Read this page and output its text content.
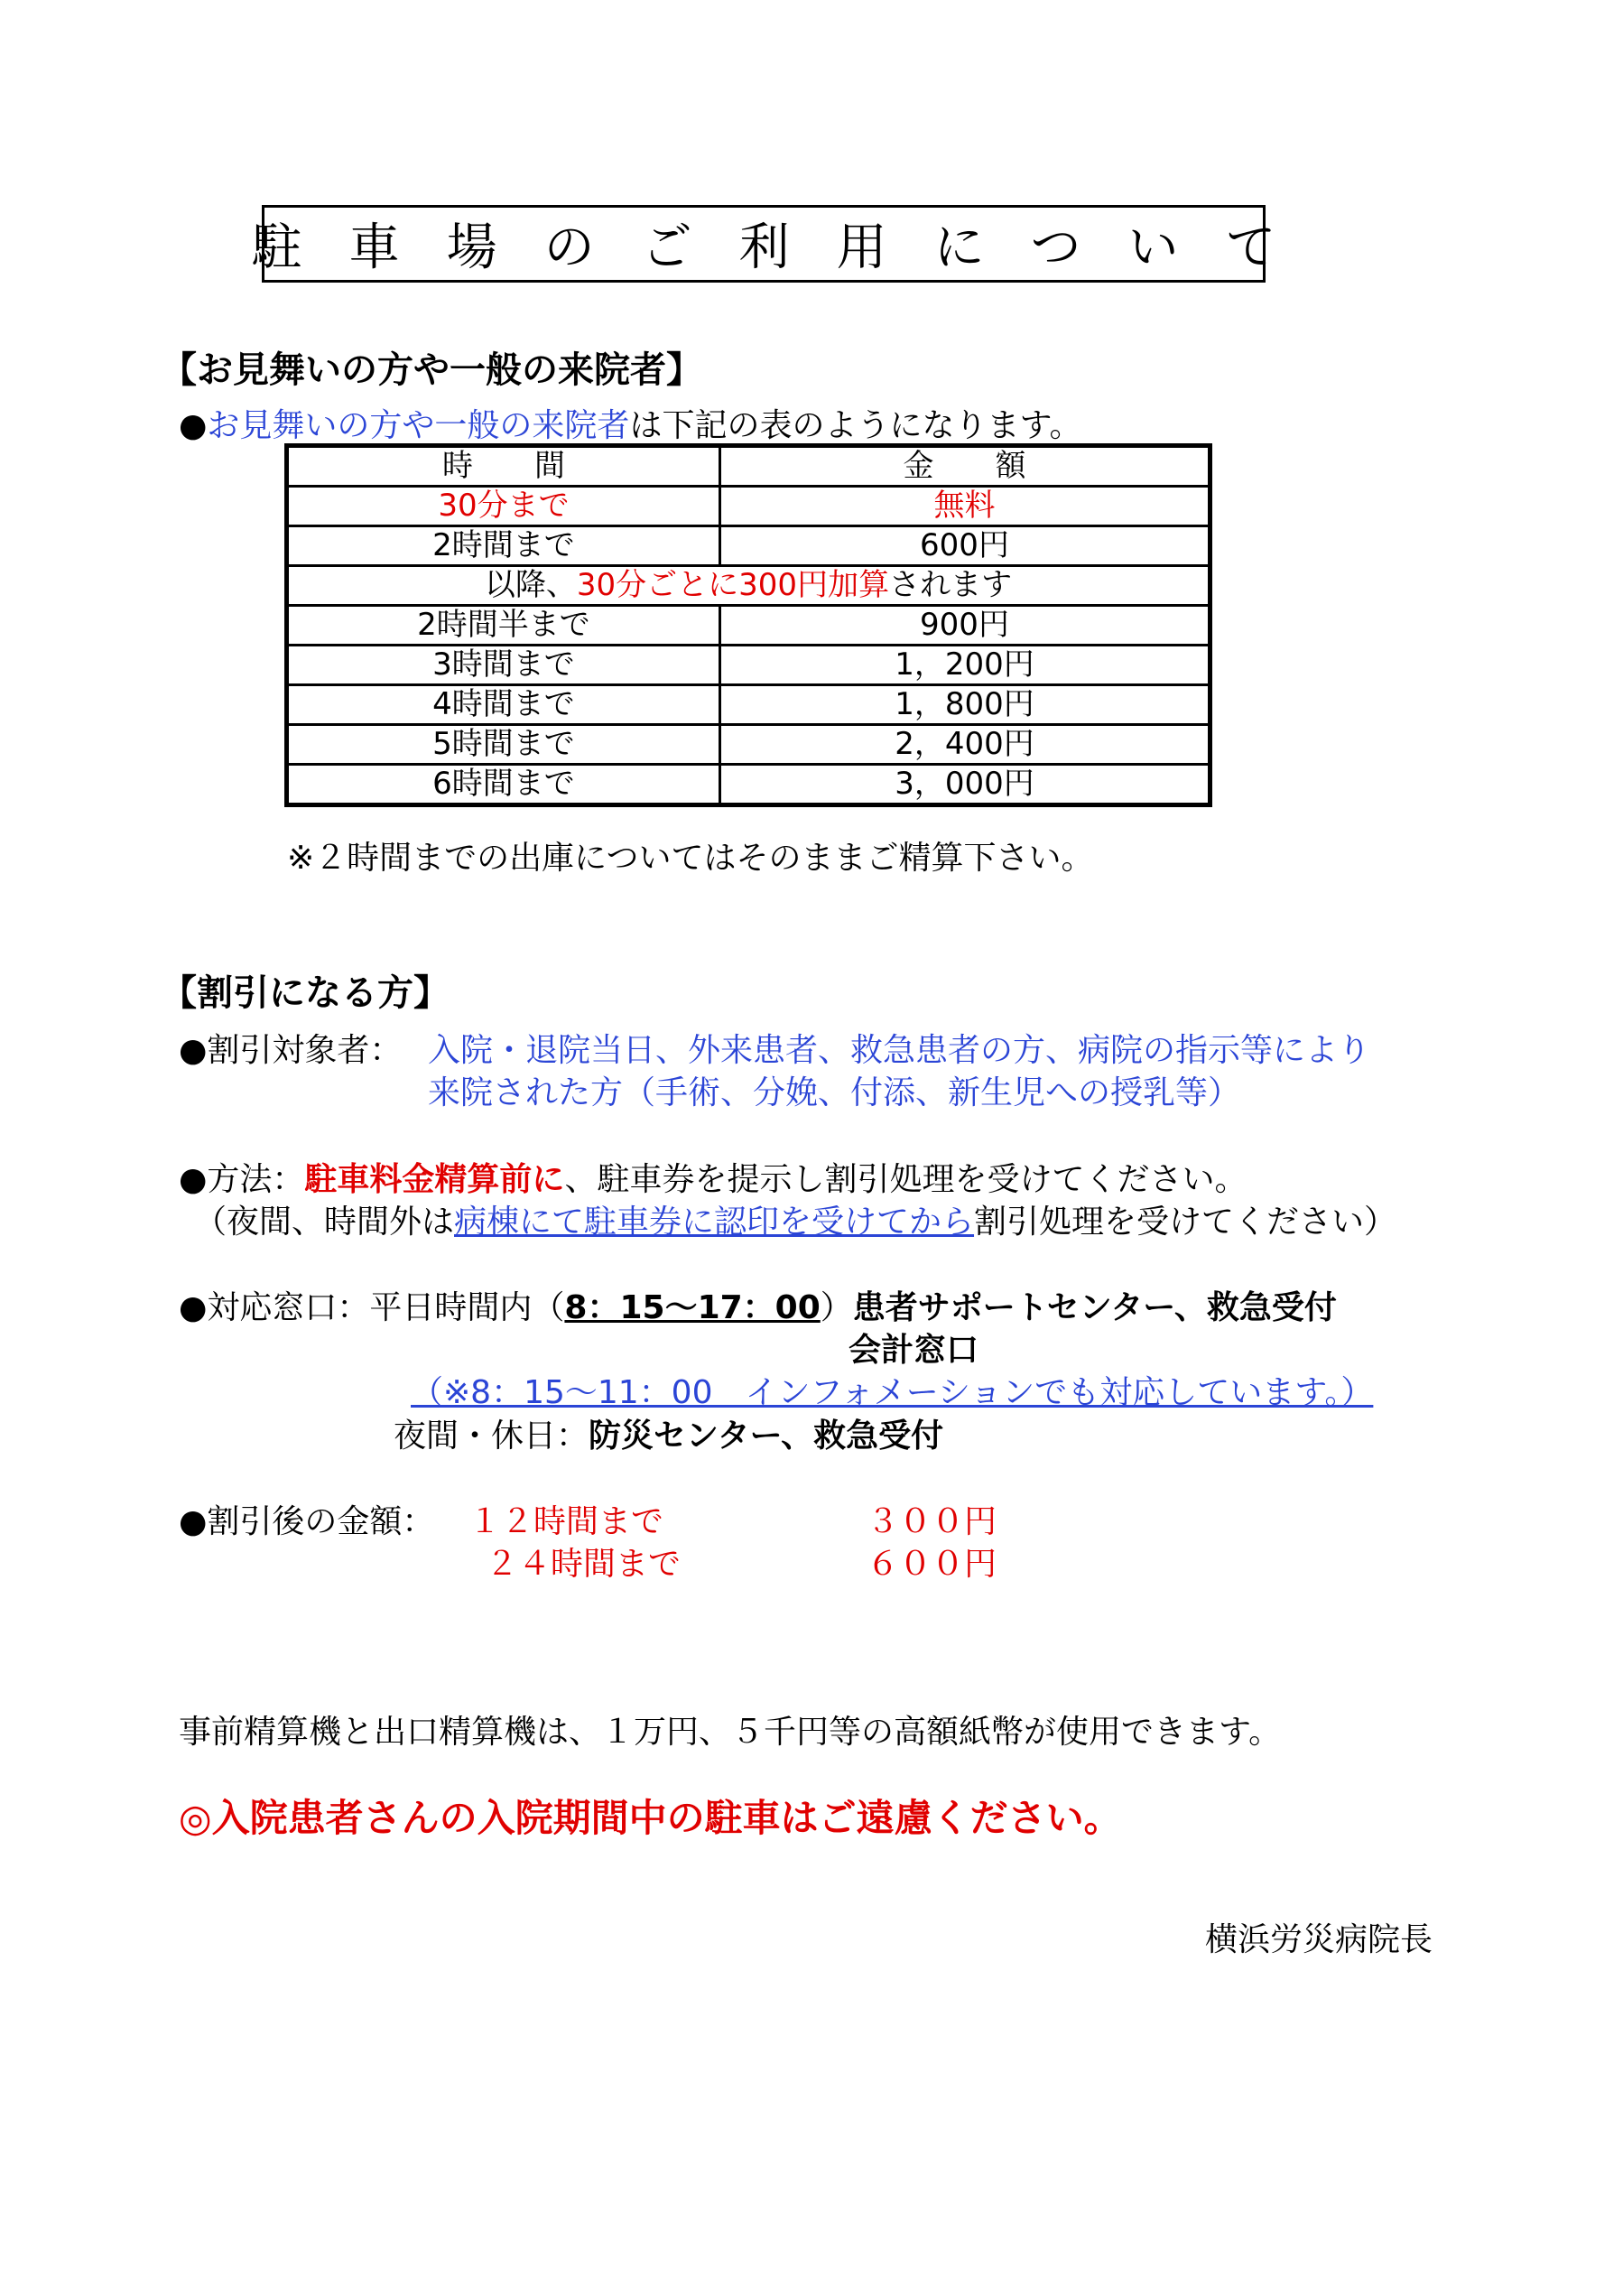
駐車場のご利用について
【お見舞いの方や一般の来院者】
●お見舞いの方や一般の来院者は下記の表のようになります。
時　　間	金　　額
30分まで	無料
2時間まで	600円
以降、30分ごとに300円加算されます	
2時間半まで	900円
3時間まで	1，200円
4時間まで	1，800円
5時間まで	2，400円
6時間まで	3，000円
※２時間までの出庫についてはそのままご精算下さい。
【割引になる方】
●割引対象者： 入院・退院当日、外来患者、救急患者の方、病院の指示等により
来院された方（手術、分娩、付添、新生児への授乳等）
●方法：駐車料金精算前に、駐車券を提示し割引処理を受けてください。
（夜間、時間外は病棟にて駐車券に認印を受けてから割引処理を受けてください）
●対応窓口：平日時間内（8：15～17：00）患者サポートセンター、救急受付
会計窓口
（※8：15～11：00　インフォメーションでも対応しています。）
夜間・休日：防災センター、救急受付
●割引後の金額： １２時間まで	３００円
２４時間まで	６００円
事前精算機と出口精算機は、１万円、５千円等の高額紙幣が使用できます。
◎入院患者さんの入院期間中の駐車はご遠慮ください。
横浜労災病院長
